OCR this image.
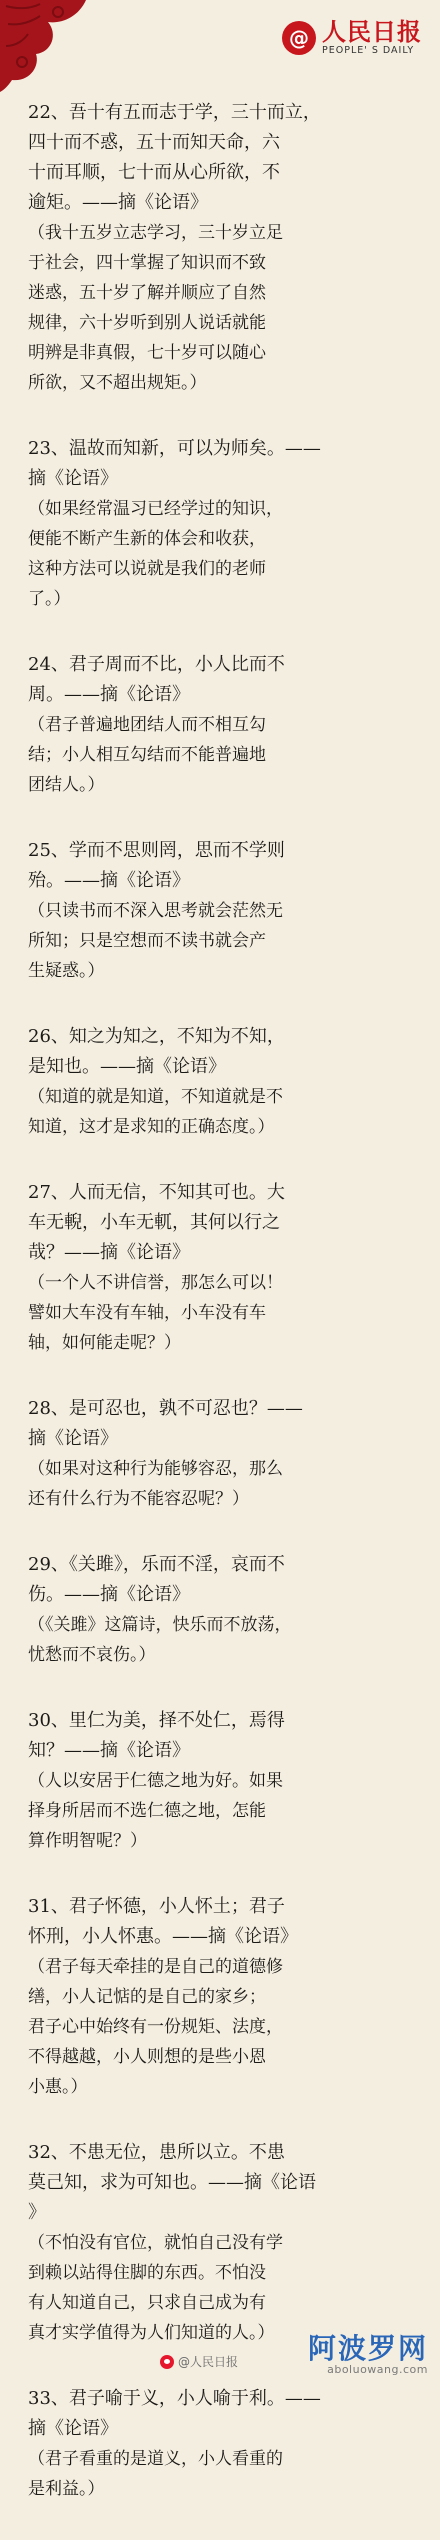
@ 人民日报
PEOPLE' S DAILY

22、吾十有五而志于学，三十而立，
四十而不惑，五十而知天命，六
十而耳顺，七十而从心所欲，不
逾矩。——摘《论语》

（我十五岁立志学习，三十岁立足
于社会，四十掌握了知识而不致
迷惑，五十岁了解并顺应了自然
规律，六十岁听到别人说话就能
明辨是非真假，七十岁可以随心
所欲，又不超出规矩。）

23、温故而知新，可以为师矣。——
摘《论语》

（如果经常温习已经学过的知识，
便能不断产生新的体会和收获，
这种方法可以说就是我们的老师
了。）

24、君子周而不比，小人比而不
周。——摘《论语》

（君子普遍地团结人而不相互勾
结；小人相互勾结而不能普遍地
团结人。）

25、学而不思则罔，思而不学则
殆。——摘《论语》

（只读书而不深入思考就会茫然无
所知；只是空想而不读书就会产
生疑惑。）

26、知之为知之，不知为不知，
是知也。——摘《论语》

（知道的就是知道，不知道就是不
知道，这才是求知的正确态度。）

27、人而无信，不知其可也。大
车无輗，小车无軏，其何以行之
哉？——摘《论语》

（一个人不讲信誉，那怎么可以！
譬如大车没有车轴，小车没有车
轴，如何能走呢？）

28、是可忍也，孰不可忍也？——
摘《论语》

（如果对这种行为能够容忍，那么
还有什么行为不能容忍呢？）

29、《关雎》，乐而不淫，哀而不
伤。——摘《论语》

（《关雎》这篇诗，快乐而不放荡，
忧愁而不哀伤。）

30、里仁为美，择不处仁，焉得
知？——摘《论语》

（人以安居于仁德之地为好。如果
择身所居而不选仁德之地，怎能
算作明智呢？）

31、君子怀德，小人怀土；君子
怀刑，小人怀惠。——摘《论语》

（君子每天牵挂的是自己的道德修
缮，小人记惦的是自己的家乡；
君子心中始终有一份规矩、法度，
不得越越，小人则想的是些小恩
小惠。）

32、不患无位，患所以立。不患
莫己知，求为可知也。——摘《论语
》

（不怕没有官位，就怕自己没有学
到赖以站得住脚的东西。不怕没
有人知道自己，只求自己成为有
真才实学值得为人们知道的人。）

33、君子喻于义，小人喻于利。——
摘《论语》

（君子看重的是道义，小人看重的
是利益。）

@人民日报 阿波罗网
aboluowang.com
